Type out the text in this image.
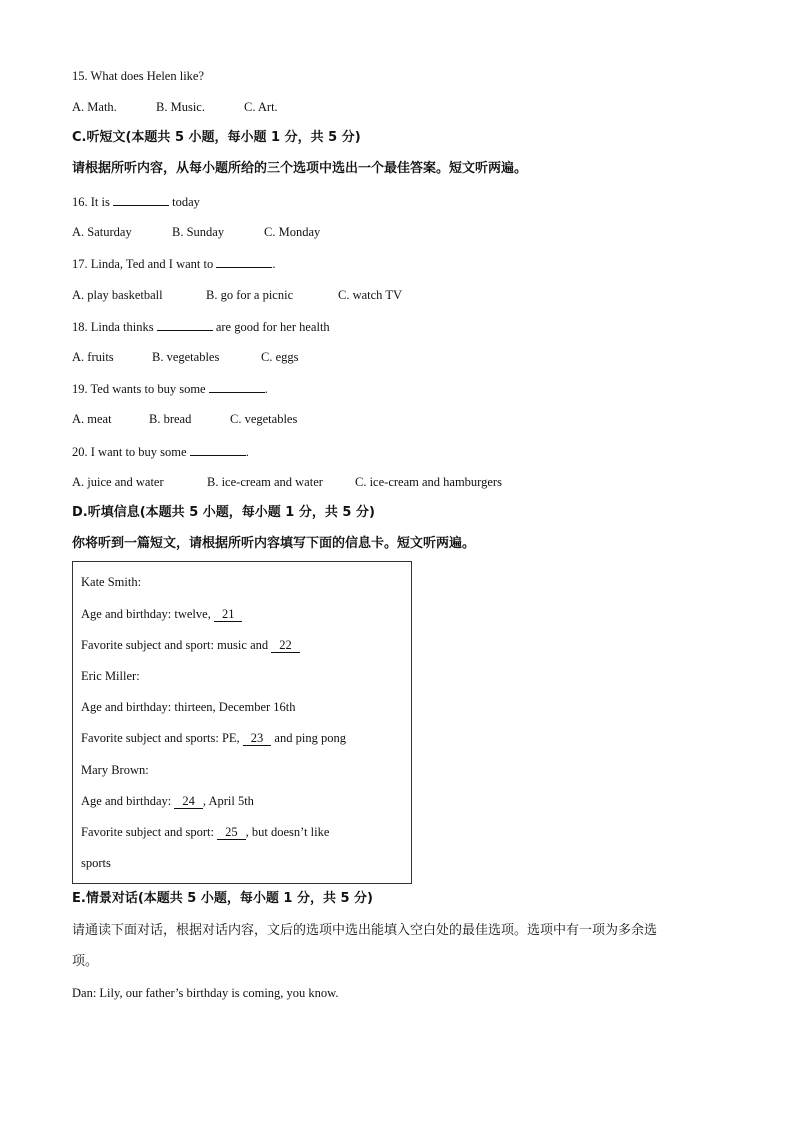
15. What does Helen like?
A. Math.	B. Music.	C. Art.
C.听短文(本题共 5 小题，每小题 1 分，共 5 分)
请根据所听内容，从每小题所给的三个选项中选出一个最佳答案。短文听两遍。
16. It is	today
A. Saturday	B. Sunday	C. Monday
17. Linda, Ted and I want to	.
A. play basketball	B. go for a picnic	C. watch TV
18. Linda thinks	are good for her health
A. fruits	B. vegetables	C. eggs
19. Ted wants to buy some	.
A. meat	B. bread	C. vegetables
20. I want to buy some	.
A. juice and water	B. ice-cream and water	C. ice-cream and hamburgers
D.听填信息(本题共 5 小题，每小题 1 分，共 5 分)
你将听到一篇短文，请根据所听内容填写下面的信息卡。短文听两遍。
Kate Smith:
Age and birthday: twelve, 21
Favorite subject and sport: music and 22
Eric Miller:
Age and birthday: thirteen, December 16th
Favorite subject and sports: PE, 23 and ping pong
Mary Brown:
Age and birthday: 24 , April 5th
Favorite subject and sport: 25 , but doesn’t like
sports
E.情景对话(本题共 5 小题，每小题 1 分，共 5 分)
请通读下面对话，根据对话内容，文后的选项中选出能填入空白处的最佳选项。选项中有一项为多余选
项。
Dan: Lily, our father’s birthday is coming, you know.
